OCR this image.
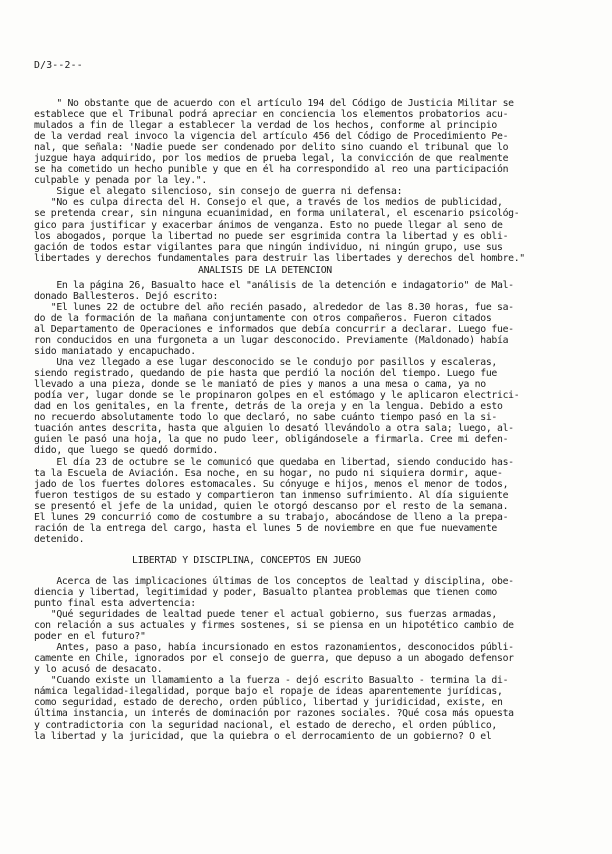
D/3--2--
" No obstante que de acuerdo con el artículo 194 del Código de Justicia Militar se
establece que el Tribunal podrá apreciar en conciencia los elementos probatorios acu-
mulados a fin de llegar a establecer la verdad de los hechos, conforme al principio
de la verdad real invoco la vigencia del artículo 456 del Código de Procedimiento Pe-
nal, que señala: 'Nadie puede ser condenado por delito sino cuando el tribunal que lo
juzgue haya adquirido, por los medios de prueba legal, la convicción de que realmente
se ha cometido un hecho punible y que en él ha correspondido al reo una participación
culpable y penada por la ley.".
Sigue el alegato silencioso, sin consejo de guerra ni defensa:
"No es culpa directa del H. Consejo el que, a través de los medios de publicidad,
se pretenda crear, sin ninguna ecuanimidad, en forma unilateral, el escenario psicológ-
gico para justificar y exacerbar ánimos de venganza. Esto no puede llegar al seno de
los abogados, porque la libertad no puede ser esgrimida contra la libertad y es obli-
gación de todos estar vigilantes para que ningún individuo, ni ningún grupo, use sus
libertades y derechos fundamentales para destruir las libertades y derechos del hombre."
ANALISIS DE LA DETENCION
En la página 26, Basualto hace el "análisis de la detención e indagatorio" de Mal-
donado Ballesteros. Dejó escrito:
"El lunes 22 de octubre del año recién pasado, alrededor de las 8.30 horas, fue sa-
do de la formación de la mañana conjuntamente con otros compañeros. Fueron citados
al Departamento de Operaciones e informados que debía concurrir a declarar. Luego fue-
ron conducidos en una furgoneta a un lugar desconocido. Previamente (Maldonado) había
sido maniatado y encapuchado.
Una vez llegado a ese lugar desconocido se le condujo por pasillos y escaleras,
siendo registrado, quedando de pie hasta que perdió la noción del tiempo. Luego fue
llevado a una pieza, donde se le maniató de pies y manos a una mesa o cama, ya no
podía ver, lugar donde se le propinaron golpes en el estómago y le aplicaron electrici-
dad en los genitales, en la frente, detrás de la oreja y en la lengua. Debido a esto
no recuerdo absolutamente todo lo que declaró, no sabe cuánto tiempo pasó en la si-
tuación antes descrita, hasta que alguien lo desató llevándolo a otra sala; luego, al-
guien le pasó una hoja, la que no pudo leer, obligándosele a firmarla. Cree mi defen-
dido, que luego se quedó dormido.
El día 23 de octubre se le comunicó que quedaba en libertad, siendo conducido has-
ta la Escuela de Aviación. Esa noche, en su hogar, no pudo ni siquiera dormir, aque-
jado de los fuertes dolores estomacales. Su cónyuge e hijos, menos el menor de todos,
fueron testigos de su estado y compartieron tan inmenso sufrimiento. Al día siguiente
se presentó el jefe de la unidad, quien le otorgó descanso por el resto de la semana.
El lunes 29 concurrió como de costumbre a su trabajo, abocándose de lleno a la prepa-
ración de la entrega del cargo, hasta el lunes 5 de noviembre en que fue nuevamente
detenido.
LIBERTAD Y DISCIPLINA, CONCEPTOS EN JUEGO
Acerca de las implicaciones últimas de los conceptos de lealtad y disciplina, obe-
diencia y libertad, legitimidad y poder, Basualto plantea problemas que tienen como
punto final esta advertencia:
"Qué seguridades de lealtad puede tener el actual gobierno, sus fuerzas armadas,
con relación a sus actuales y firmes sostenes, si se piensa en un hipotético cambio de
poder en el futuro?"
Antes, paso a paso, había incursionado en estos razonamientos, desconocidos públi-
camente en Chile, ignorados por el consejo de guerra, que depuso a un abogado defensor
y lo acusó de desacato.
"Cuando existe un llamamiento a la fuerza - dejó escrito Basualto - termina la di-
námica legalidad-ilegalidad, porque bajo el ropaje de ideas aparentemente jurídicas,
como seguridad, estado de derecho, orden público, libertad y juridicidad, existe, en
última instancia, un interés de dominación por razones sociales. ?Qué cosa más opuesta
y contradictoria con la seguridad nacional, el estado de derecho, el orden público,
la libertad y la juricidad, que la quiebra o el derrocamiento de un gobierno? O el
